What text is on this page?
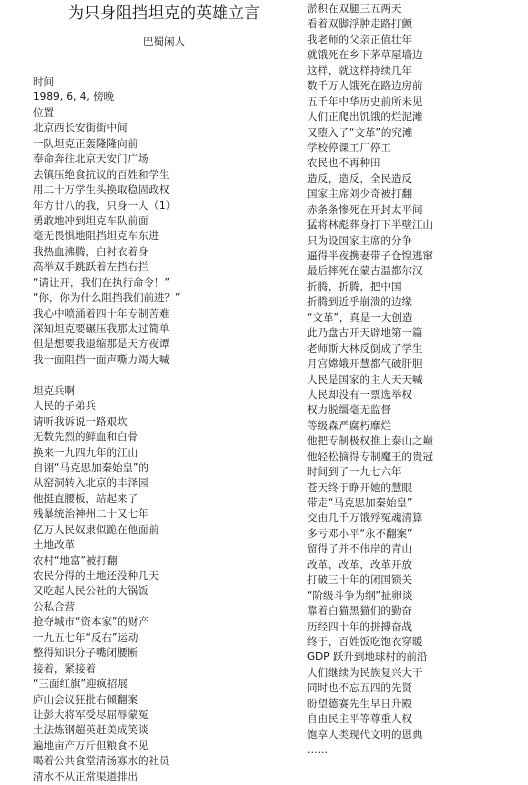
为只身阻挡坦克的英雄立言
巴蜀闲人
时间
1989, 6, 4, 傍晚
位置
北京西长安街街中间
一队坦克正轰隆隆向前
奉命奔往北京天安门广场
去镇压绝食抗议的百姓和学生
用二十万学生头换取稳固政权
年方廿八的我，只身一人（1）
勇敢地冲到坦克车队前面
毫无畏惧地阻挡坦克车东进
我热血沸腾，白衬衣着身
高举双手跳跃着左挡右拦
“请让开，我们在执行命令！”
“你，你为什么阻挡我们前进？”
我心中喷涌着四十年专制苦难
深知坦克要碾压我那太过简单
但是想要我退缩那是天方夜谭
我一面阻挡一面声嘶力竭大喊
坦克兵啊
人民的子弟兵
请听我诉说一路艰坎
无数先烈的鲜血和白骨
换来一九四九年的江山
自诩“马克思加秦始皇”的
从窑洞转入北京的丰泽园
他挺直腰板，站起来了
残暴统治神州二十又七年
亿万人民奴隶似跪在他面前
土地改革
农村“地富”被打翻
农民分得的土地还没种几天
又吃起人民公社的大锅饭
公私合营
抢夺城市“资本家”的财产
一九五七年“反右”运动
整得知识分子嘴闭腰断
接着，紧接着
“三面红旗”迎疯招展
庐山会议狂批右倾翻案
让彭大将军受尽屈辱蒙冤
土法炼钢超英赶美成笑谈
遍地亩产万斤但粮食不见
喝着公共食堂清汤寡水的社员
清水不从正常渠道排出
淤积在双腿三五两天
看着双脚浮肿走路打颤
我老师的父亲正值壮年
就饿死在乡下茅草屋墙边
这样，就这样持续几年
数千万人饿死在路边房前
五千年中华历史前所未见
人们正爬出饥饿的烂泥滩
又堕入了“文革”的究滩
学校停课工厂停工
农民也不再种田
造反，造反，全民造反
国家主席刘少奇被打翻
赤条条惨死在开封太平间
猛将林彪葬身打下半壁江山
只为设国家主席的分争
逼得半夜携妻带子仓惶逃窜
最后摔死在蒙古温都尔汉
折腾，折腾，把中国
折腾到近乎崩溃的边缘
“文革”，真是一大创造
此乃盘古开天辟地第一篇
老师斯大林反倒成了学生
月宫嫦娥开慧都气破肝胆
人民是国家的主人天天喊
人民却没有一票选举权
权力脱缰毫无监督
等级森严腐朽靡烂
他把专制极权推上泰山之巅
他轻松摘得专制魔王的贵冠
时间到了一九七六年
苍天终于睁开她的慧眼
带走“马克思加秦始皇”
交由几千万饿殍冤魂清算
多亏邓小平“永不翻案”
留得了并不伟岸的青山
改革，改革，改革开放
打破三十年的闭国锁关
“阶级斗争为纲”扯卵谈
靠着白猫黑猫们的勤奋
历经四十年的拼搏奋战
终于，百姓饭吃饱衣穿暖
GDP 跃升到地球村的前沿
人们继续为民族复兴大干
同时也不忘五四的先贤
盼望德赛先生早日升殿
自由民主平等尊重人权
饱享人类现代文明的恩典
……
